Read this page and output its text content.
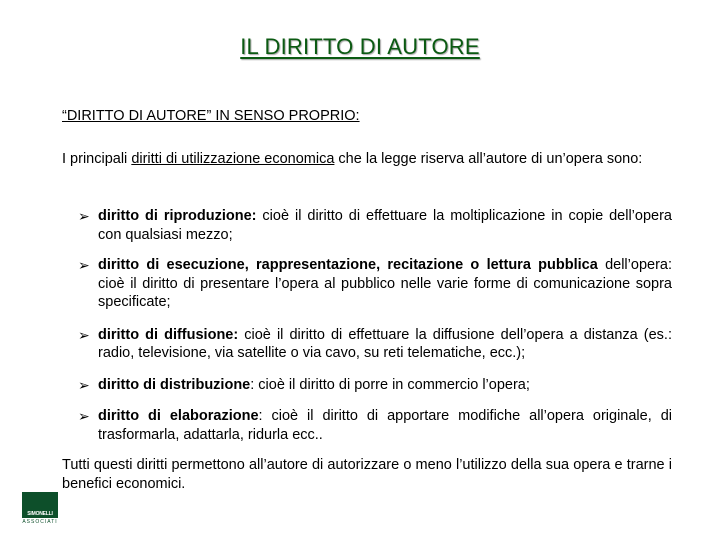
IL DIRITTO DI AUTORE
“DIRITTO DI AUTORE” IN SENSO PROPRIO:
I principali diritti di utilizzazione economica che la legge riserva all’autore di un’opera sono:
➢ diritto di riproduzione: cioè il diritto di effettuare la moltiplicazione in copie dell’opera con qualsiasi mezzo;
➢ diritto di esecuzione, rappresentazione, recitazione o lettura pubblica dell’opera: cioè il diritto di presentare l’opera al pubblico nelle varie forme di comunicazione sopra specificate;
➢ diritto di diffusione: cioè il diritto di effettuare la diffusione dell’opera a distanza (es.: radio, televisione, via satellite o via cavo, su reti telematiche, ecc.);
➢ diritto di distribuzione: cioè il diritto di porre in commercio l’opera;
➢ diritto di elaborazione: cioè il diritto di apportare modifiche all’opera originale, di trasformarla, adattarla, ridurla ecc..
Tutti questi diritti permettono all’autore di autorizzare o meno l’utilizzo della sua opera e trarne i benefici economici.
SIMONELLI
ASSOCIATI
